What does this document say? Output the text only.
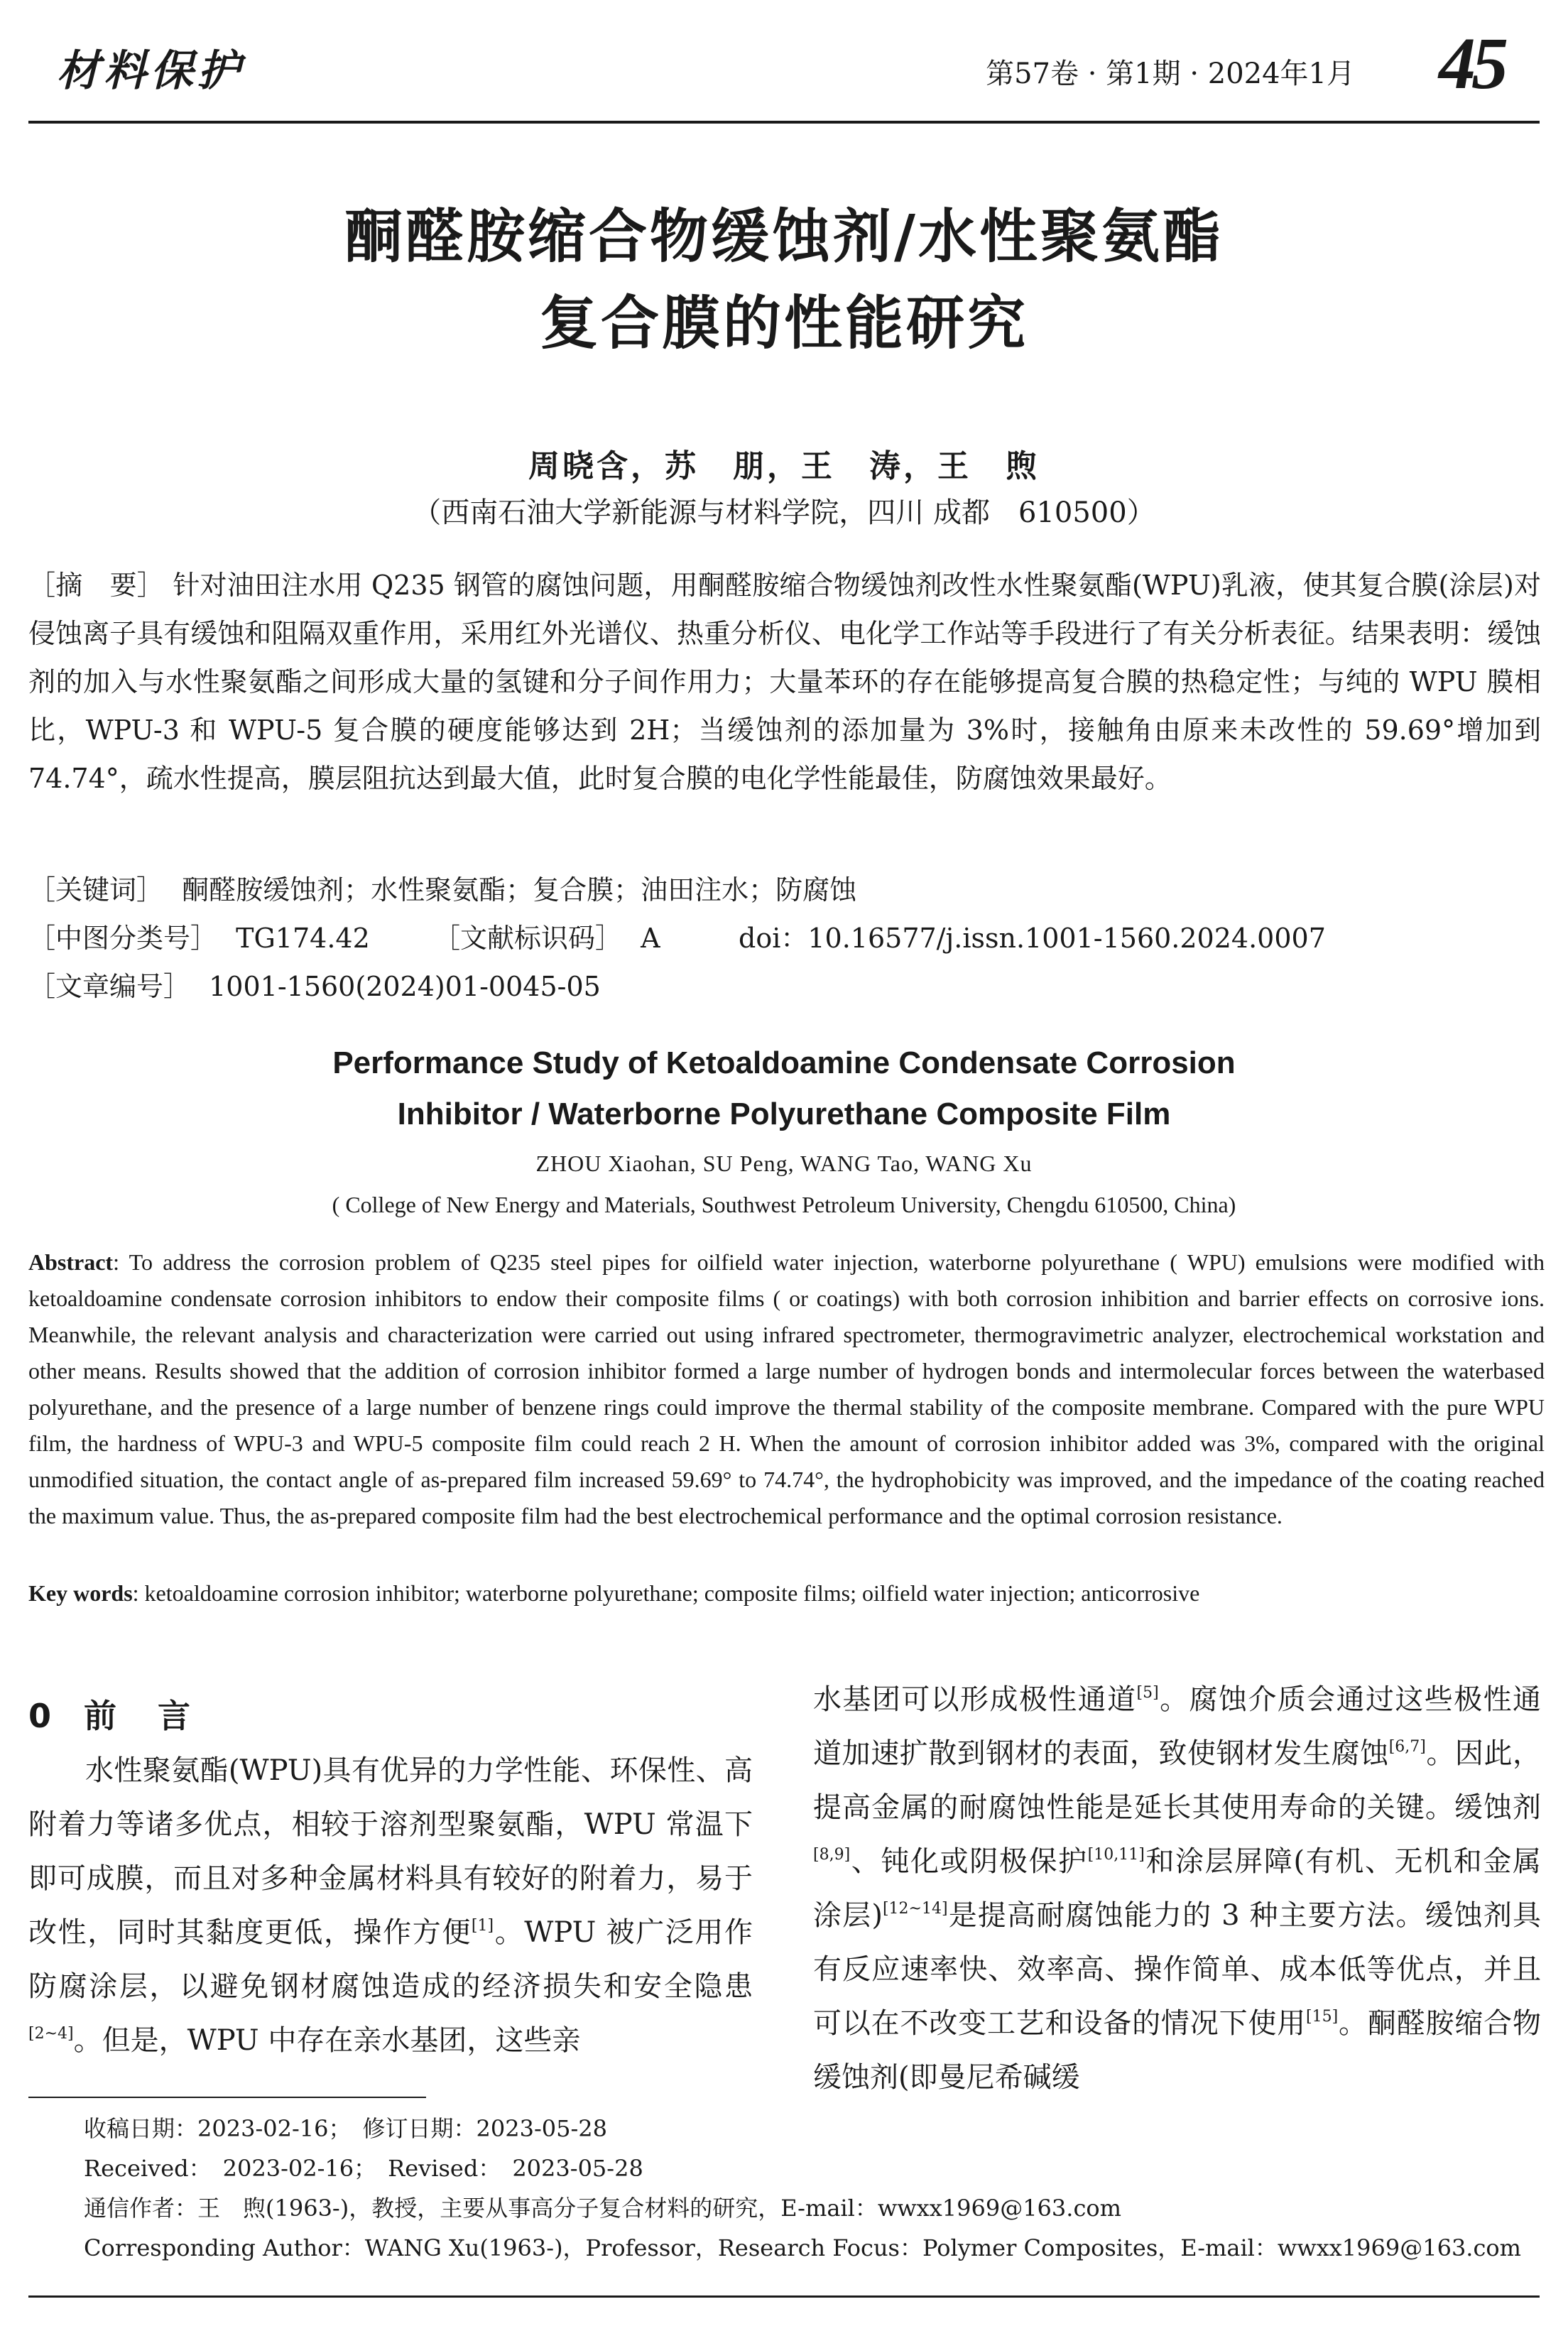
材料保护	第57卷 · 第1期 · 2024年1月 45
酮醛胺缩合物缓蚀剂/水性聚氨酯
复合膜的性能研究
周晓含，苏　朋，王　涛，王　煦
（西南石油大学新能源与材料学院，四川 成都　610500）
［摘　要］ 针对油田注水用 Q235 钢管的腐蚀问题，用酮醛胺缩合物缓蚀剂改性水性聚氨酯(WPU)乳液，使其复合膜(涂层)对侵蚀离子具有缓蚀和阻隔双重作用，采用红外光谱仪、热重分析仪、电化学工作站等手段进行了有关分析表征。结果表明：缓蚀剂的加入与水性聚氨酯之间形成大量的氢键和分子间作用力；大量苯环的存在能够提高复合膜的热稳定性；与纯的 WPU 膜相比，WPU-3 和 WPU-5 复合膜的硬度能够达到 2H；当缓蚀剂的添加量为 3%时，接触角由原来未改性的 59.69°增加到 74.74°，疏水性提高，膜层阻抗达到最大值，此时复合膜的电化学性能最佳，防腐蚀效果最好。
［关键词］ 酮醛胺缓蚀剂；水性聚氨酯；复合膜；油田注水；防腐蚀
［中图分类号］ TG174.42 ［文献标识码］ A	doi：10.16577/j.issn.1001-1560.2024.0007
［文章编号］ 1001-1560(2024)01-0045-05
Performance Study of Ketoaldoamine Condensate Corrosion
Inhibitor / Waterborne Polyurethane Composite Film
ZHOU Xiaohan, SU Peng, WANG Tao, WANG Xu
( College of New Energy and Materials, Southwest Petroleum University, Chengdu 610500, China)
Abstract: To address the corrosion problem of Q235 steel pipes for oilfield water injection, waterborne polyurethane ( WPU) emulsions were modified with ketoaldoamine condensate corrosion inhibitors to endow their composite films ( or coatings) with both corrosion inhibition and barrier effects on corrosive ions. Meanwhile, the relevant analysis and characterization were carried out using infrared spectrometer, thermogravimetric analyzer, electrochemical workstation and other means. Results showed that the addition of corrosion inhibitor formed a large number of hydrogen bonds and intermolecular forces between the waterbased polyurethane, and the presence of a large number of benzene rings could improve the thermal stability of the composite membrane. Compared with the pure WPU film, the hardness of WPU-3 and WPU-5 composite film could reach 2 H. When the amount of corrosion inhibitor added was 3%, compared with the original unmodified situation, the contact angle of as-prepared film increased 59.69° to 74.74°, the hydrophobicity was improved, and the impedance of the coating reached the maximum value. Thus, the as-prepared composite film had the best electrochemical performance and the optimal corrosion resistance.
Key words: ketoaldoamine corrosion inhibitor; waterborne polyurethane; composite films; oilfield water injection; anticorrosive
0 前　言
水性聚氨酯(WPU)具有优异的力学性能、环保性、高附着力等诸多优点，相较于溶剂型聚氨酯，WPU 常温下即可成膜，而且对多种金属材料具有较好的附着力，易于改性，同时其黏度更低，操作方便[1]。WPU 被广泛用作防腐涂层，以避免钢材腐蚀造成的经济损失和安全隐患[2~4]。但是，WPU 中存在亲水基团，这些亲
水基团可以形成极性通道[5]。腐蚀介质会通过这些极性通道加速扩散到钢材的表面，致使钢材发生腐蚀[6,7]。因此，提高金属的耐腐蚀性能是延长其使用寿命的关键。缓蚀剂[8,9]、钝化或阴极保护[10,11]和涂层屏障(有机、无机和金属涂层)[12~14]是提高耐腐蚀能力的 3 种主要方法。缓蚀剂具有反应速率快、效率高、操作简单、成本低等优点，并且可以在不改变工艺和设备的情况下使用[15]。酮醛胺缩合物缓蚀剂(即曼尼希碱缓
收稿日期：2023-02-16；　修订日期：2023-05-28
Received：　2023-02-16；　Revised：　2023-05-28
通信作者：王　煦(1963-)，教授，主要从事高分子复合材料的研究，E-mail：wwxx1969@163.com
Corresponding Author：WANG Xu(1963-)，Professor，Research Focus：Polymer Composites，E-mail：wwxx1969@163.com
